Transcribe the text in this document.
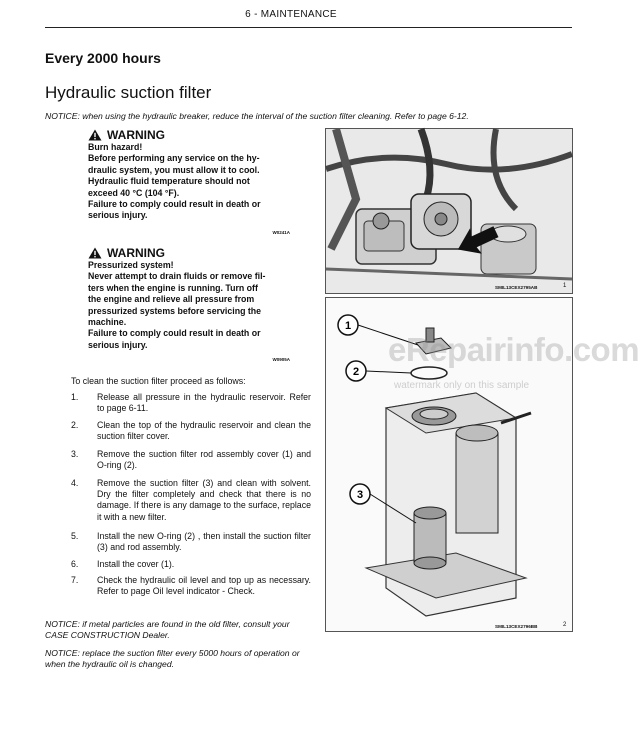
6 - MAINTENANCE
Every 2000 hours
Hydraulic suction filter
NOTICE: when using the hydraulic breaker, reduce the interval of the suction filter cleaning. Refer to page 6-12.
WARNING
Burn hazard!
Before performing any service on the hy-
draulic system, you must allow it to cool.
Hydraulic fluid temperature should not
exceed 40 °C (104 °F).
Failure to comply could result in death or
serious injury.
W0241A
WARNING
Pressurized system!
Never attempt to drain fluids or remove fil-
ters when the engine is running. Turn off
the engine and relieve all pressure from
pressurized systems before servicing the
machine.
Failure to comply could result in death or
serious injury.
W0905A
To clean the suction filter proceed as follows:
1. Release all pressure in the hydraulic reservoir. Refer to page 6-11.
2. Clean the top of the hydraulic reservoir and clean the suction filter cover.
3. Remove the suction filter rod assembly cover (1) and O-ring (2).
4. Remove the suction filter (3) and clean with solvent. Dry the filter completely and check that there is no damage. If there is any damage to the surface, replace it with a new filter.
5. Install the new O-ring (2) , then install the suction filter (3) and rod assembly.
6. Install the cover (1).
7. Check the hydraulic oil level and top up as necessary. Refer to page Oil level indicator - Check.
NOTICE: if metal particles are found in the old filter, consult your CASE CONSTRUCTION Dealer.
NOTICE: replace the suction filter every 5000 hours of operation or when the hydraulic oil is changed.
SMIL13CEX2795AB	1
1
2
3
SMIL13CEX2796BB	2
eRepairinfo.com
watermark only on this sample
